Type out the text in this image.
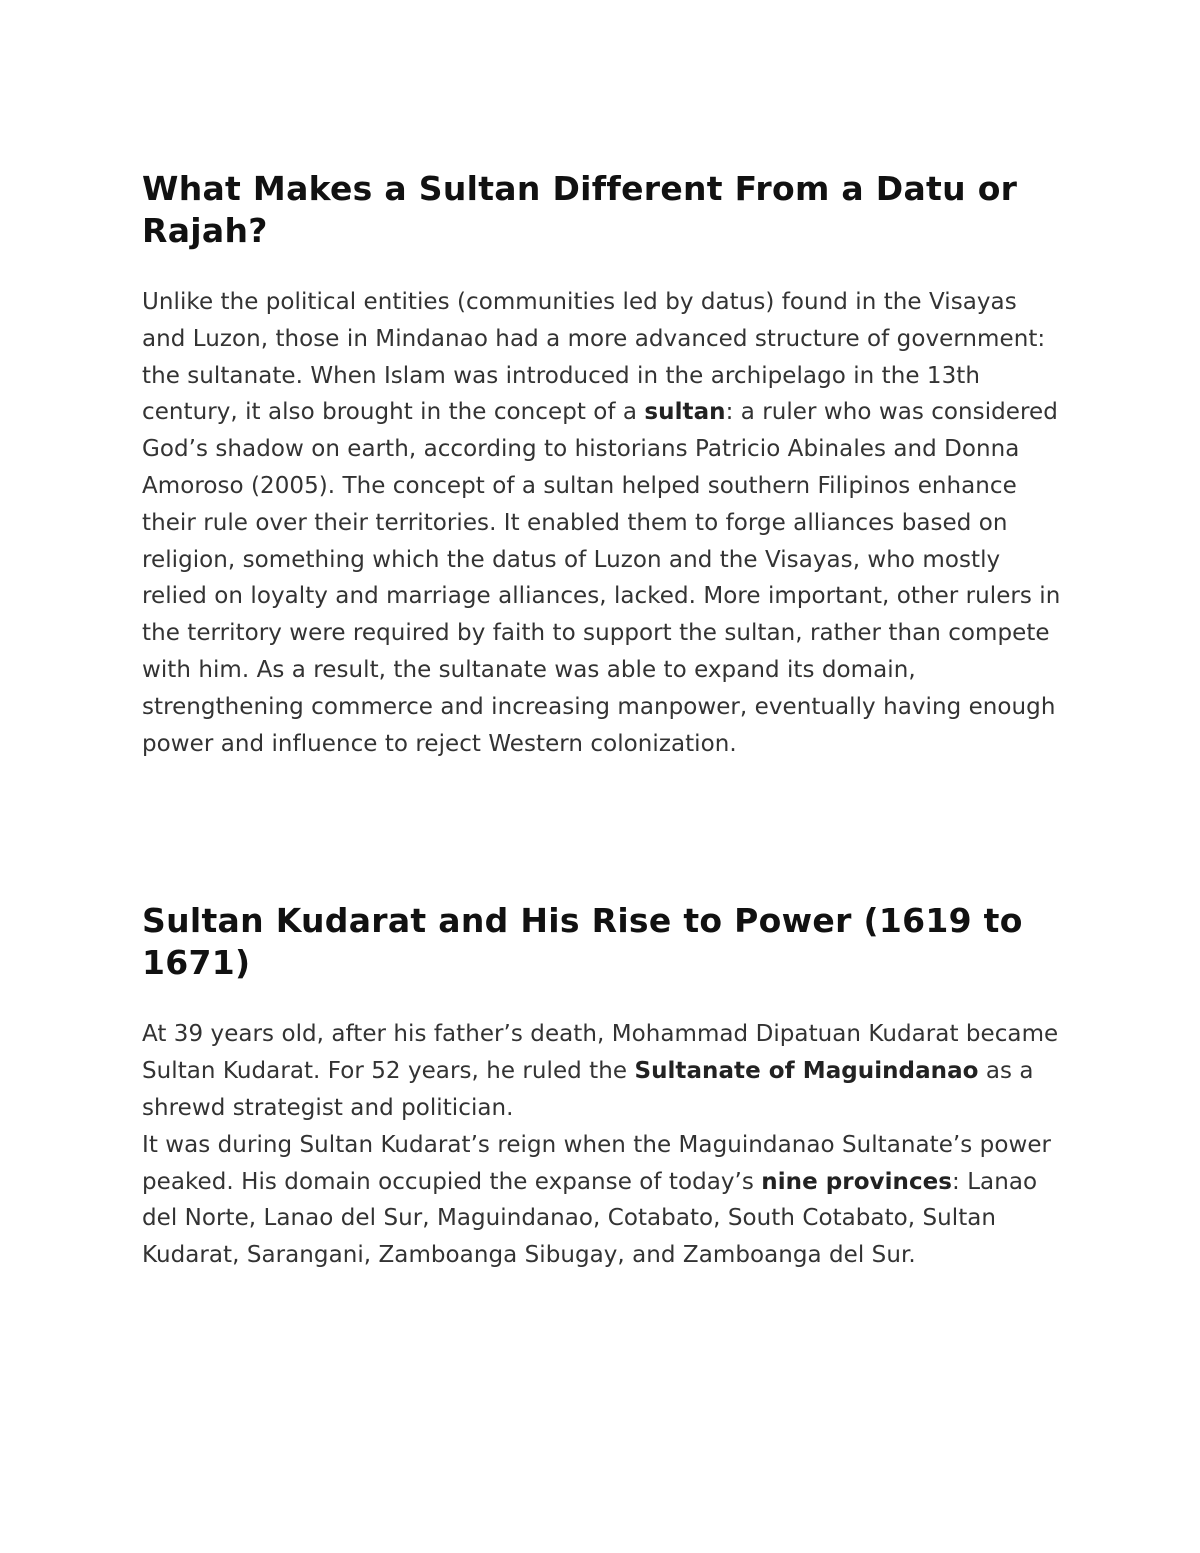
What Makes a Sultan Different From a Datu or Rajah?

Unlike the political entities (communities led by datus) found in the Visayas and Luzon, those in Mindanao had a more advanced structure of government: the sultanate. When Islam was introduced in the archipelago in the 13th century, it also brought in the concept of a sultan: a ruler who was considered God’s shadow on earth, according to historians Patricio Abinales and Donna Amoroso (2005). The concept of a sultan helped southern Filipinos enhance their rule over their territories. It enabled them to forge alliances based on religion, something which the datus of Luzon and the Visayas, who mostly relied on loyalty and marriage alliances, lacked. More important, other rulers in the territory were required by faith to support the sultan, rather than compete with him. As a result, the sultanate was able to expand its domain, strengthening commerce and increasing manpower, eventually having enough power and influence to reject Western colonization.

Sultan Kudarat and His Rise to Power (1619 to 1671)

At 39 years old, after his father’s death, Mohammad Dipatuan Kudarat became Sultan Kudarat. For 52 years, he ruled the Sultanate of Maguindanao as a shrewd strategist and politician.

It was during Sultan Kudarat’s reign when the Maguindanao Sultanate’s power peaked. His domain occupied the expanse of today’s nine provinces: Lanao del Norte, Lanao del Sur, Maguindanao, Cotabato, South Cotabato, Sultan Kudarat, Sarangani, Zamboanga Sibugay, and Zamboanga del Sur.
